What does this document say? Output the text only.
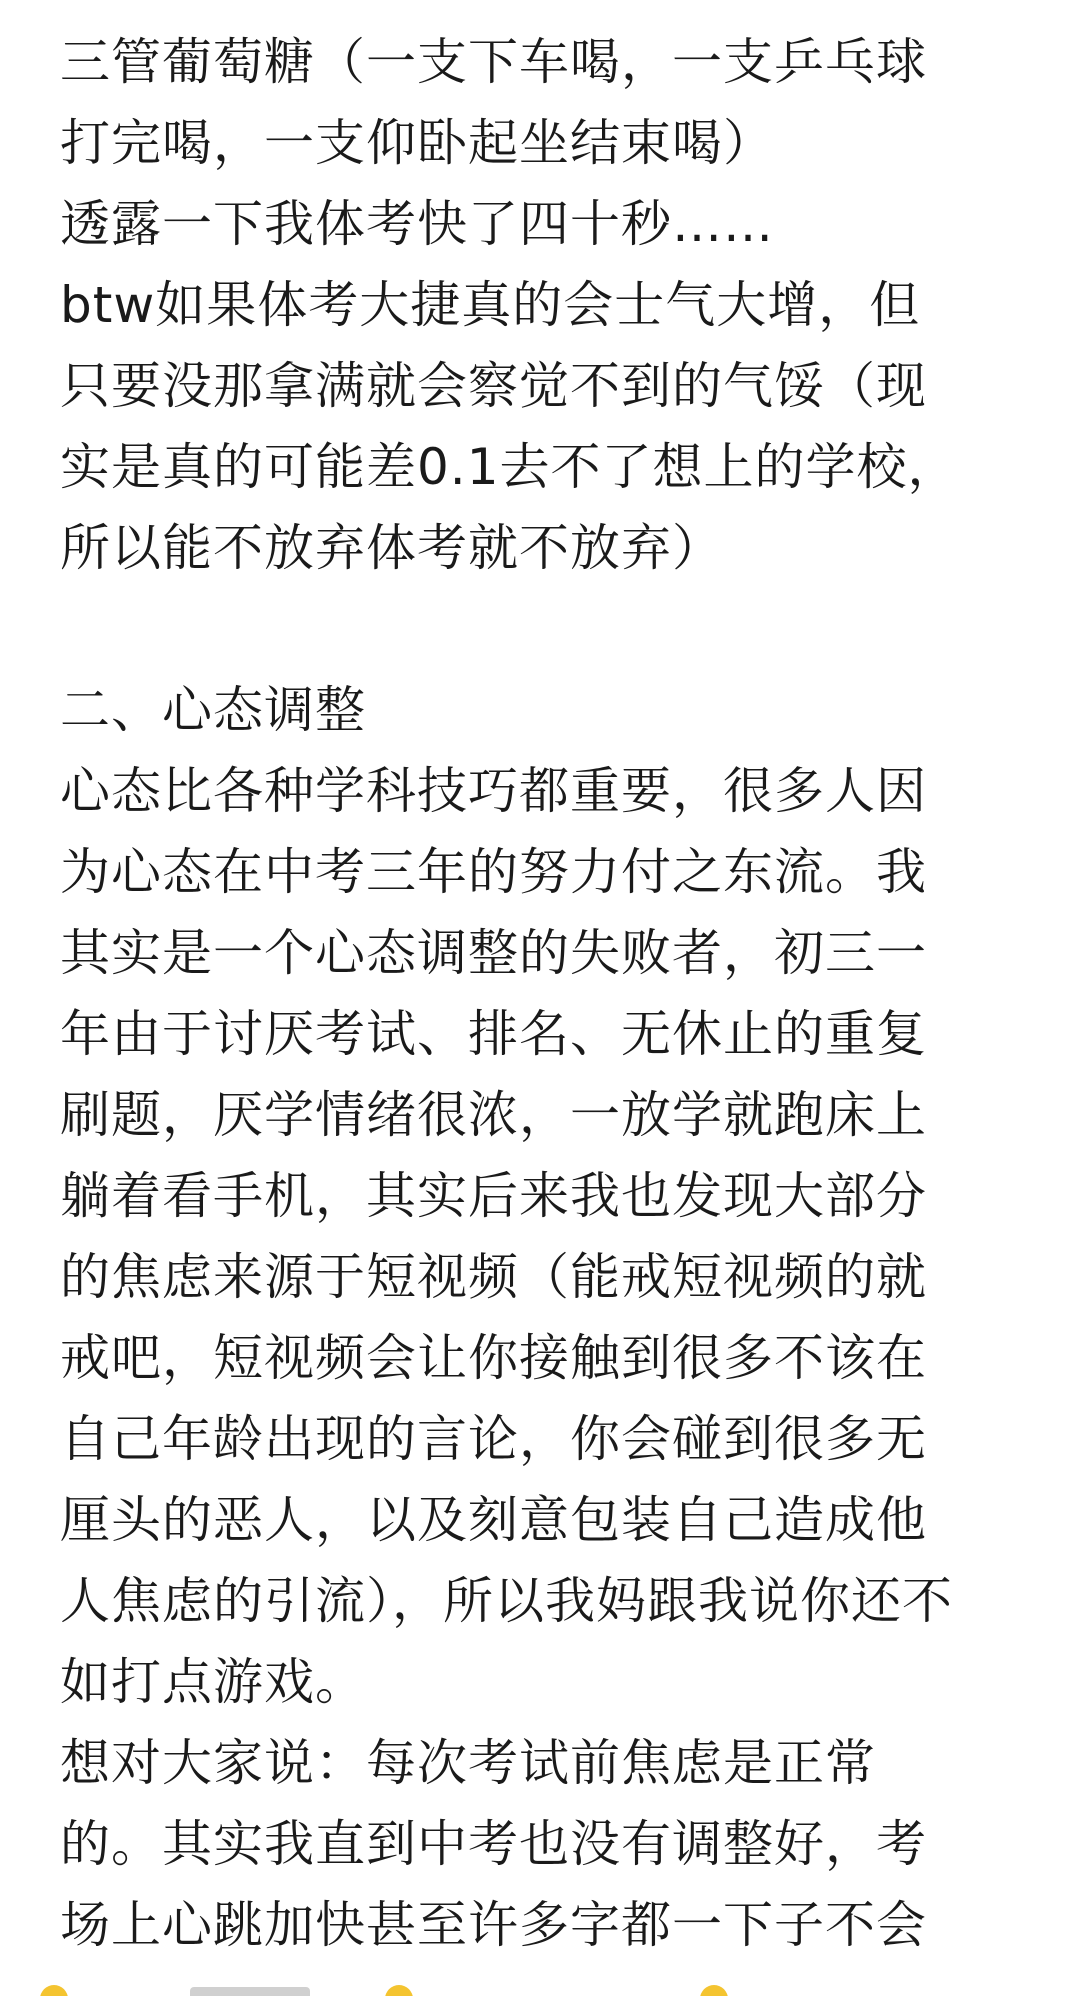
三管葡萄糖（一支下车喝，一支乒乓球
打完喝，一支仰卧起坐结束喝）
透露一下我体考快了四十秒……
btw如果体考大捷真的会士气大增，但
只要没那拿满就会察觉不到的气馁（现
实是真的可能差0.1去不了想上的学校，
所以能不放弃体考就不放弃）
二、心态调整
心态比各种学科技巧都重要，很多人因
为心态在中考三年的努力付之东流。我
其实是一个心态调整的失败者，初三一
年由于讨厌考试、排名、无休止的重复
刷题，厌学情绪很浓，一放学就跑床上
躺着看手机，其实后来我也发现大部分
的焦虑来源于短视频（能戒短视频的就
戒吧，短视频会让你接触到很多不该在
自己年龄出现的言论，你会碰到很多无
厘头的恶人，以及刻意包装自己造成他
人焦虑的引流），所以我妈跟我说你还不
如打点游戏。
想对大家说：每次考试前焦虑是正常
的。其实我直到中考也没有调整好，考
场上心跳加快甚至许多字都一下子不会
